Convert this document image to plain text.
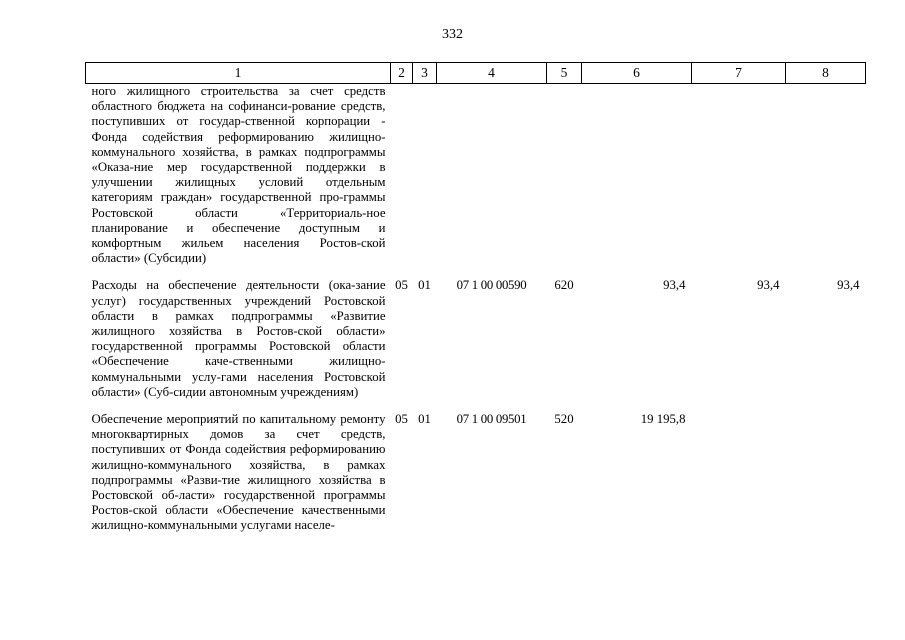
332
1	2	3	4	5	6	7	8
ного жилищного строительства за счет средств областного бюджета на софинанси-рование средств, поступивших от государ-ственной корпорации - Фонда содействия реформированию жилищно-коммунального хозяйства, в рамках подпрограммы «Оказа-ние мер государственной поддержки в улучшении жилищных условий отдельным категориям граждан» государственной про-граммы Ростовской области «Территориаль-ное планирование и обеспечение доступным и комфортным жильем населения Ростов-ской области» (Субсидии)							
Расходы на обеспечение деятельности (ока-зание услуг) государственных учреждений Ростовской области в рамках подпрограммы «Развитие жилищного хозяйства в Ростов-ской области» государственной программы Ростовской области «Обеспечение каче-ственными жилищно-коммунальными услу-гами населения Ростовской области» (Суб-сидии автономным учреждениям)	05	01	07 1 00 00590	620	93,4	93,4	93,4
Обеспечение мероприятий по капитальному ремонту многоквартирных домов за счет средств, поступивших от Фонда содействия реформированию жилищно-коммунального хозяйства, в рамках подпрограммы «Разви-тие жилищного хозяйства в Ростовской об-ласти» государственной программы Ростов-ской области «Обеспечение качественными жилищно-коммунальными услугами населе-	05	01	07 1 00 09501	520	19 195,8		
